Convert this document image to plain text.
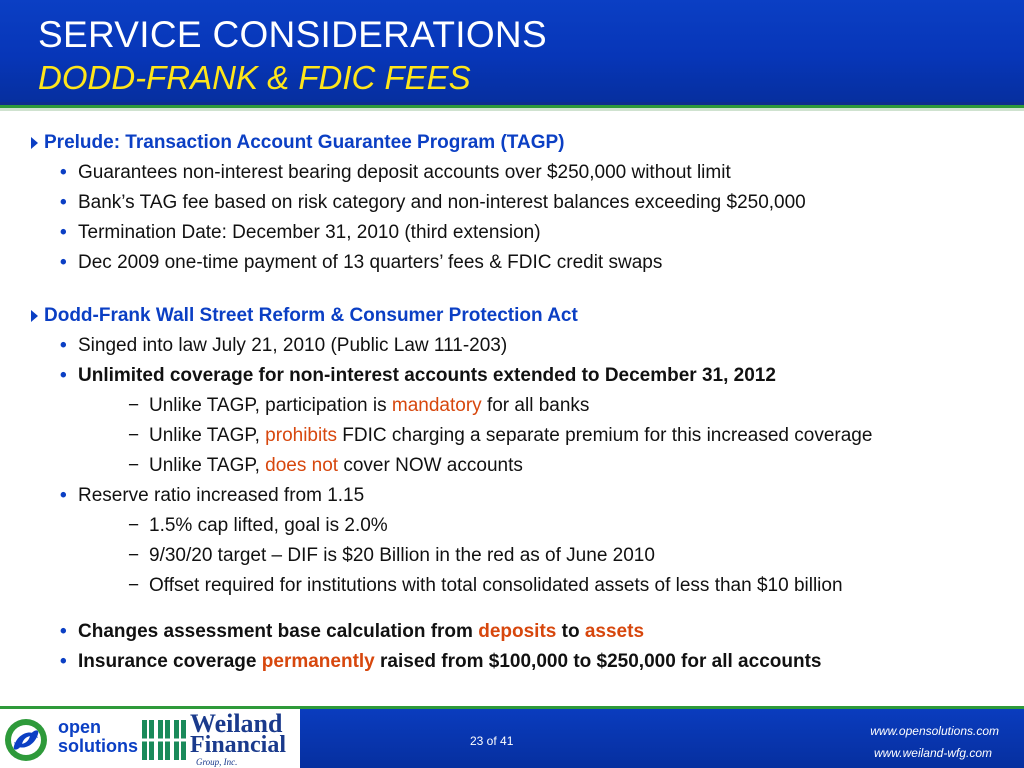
SERVICE CONSIDERATIONS
DODD-FRANK & FDIC FEES
Prelude: Transaction Account Guarantee Program (TAGP)
• Guarantees non-interest bearing deposit accounts over $250,000 without limit
• Bank’s TAG fee based on risk category and non-interest balances exceeding $250,000
• Termination Date: December 31, 2010 (third extension)
• Dec 2009 one-time payment of 13 quarters’ fees & FDIC credit swaps
Dodd-Frank Wall Street Reform & Consumer Protection Act
• Singed into law July 21, 2010 (Public Law 111-203)
• Unlimited coverage for non-interest accounts extended to December 31, 2012
− Unlike TAGP, participation is mandatory for all banks
− Unlike TAGP, prohibits FDIC charging a separate premium for this increased coverage
− Unlike TAGP, does not cover NOW accounts
• Reserve ratio increased from 1.15
− 1.5% cap lifted, goal is 2.0%
− 9/30/20 target – DIF is $20 Billion in the red as of June 2010
− Offset required for institutions with total consolidated assets of less than $10 billion
• Changes assessment base calculation from deposits to assets
• Insurance coverage permanently raised from $100,000 to $250,000 for all accounts
open
solutions
Weiland
Financial
Group, Inc.
23 of 41
www.opensolutions.com
www.weiland-wfg.com
